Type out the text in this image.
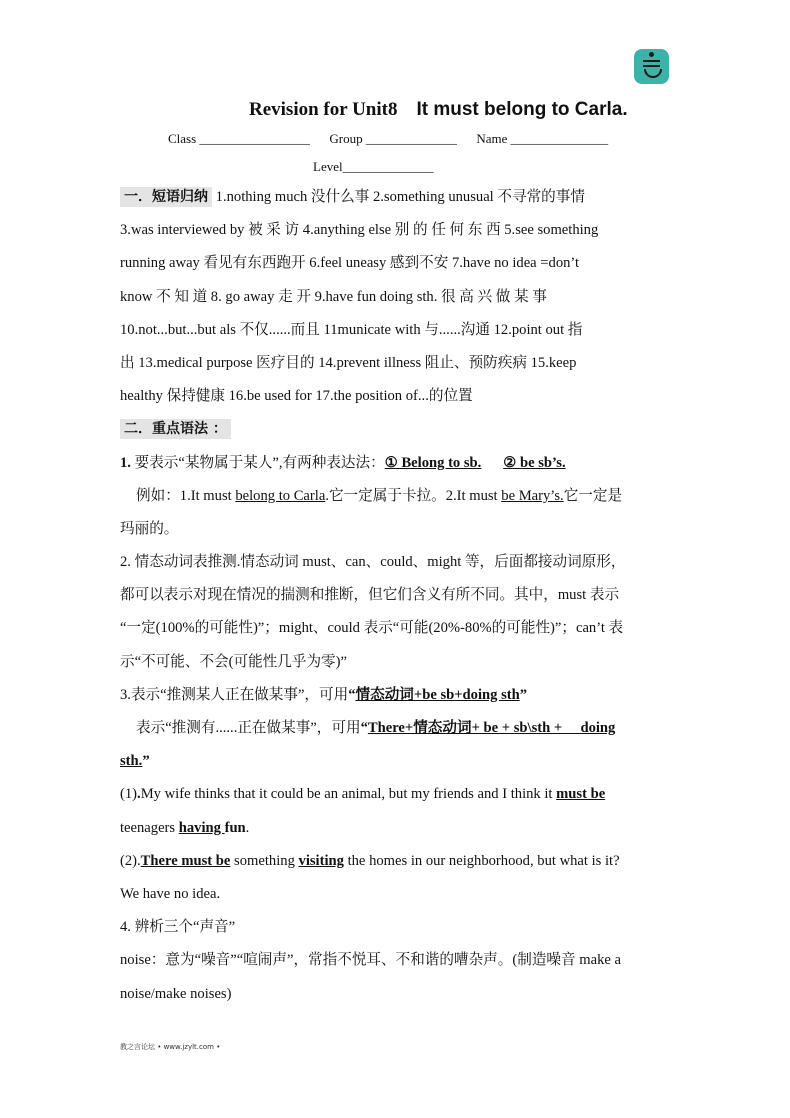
Revision for Unit8 It must belong to Carla.
Class _________________ Group ______________ Name _______________
Level______________
一．短语归纳 1.nothing much 没什么事 2.something unusual 不寻常的事情
3.was interviewed by 被 采 访 4.anything else 别 的 任 何 东 西 5.see something
running away 看见有东西跑开 6.feel uneasy 感到不安 7.have no idea =don’t
know 不 知 道 8. go away 走 开 9.have fun doing sth. 很 高 兴 做 某 事
10.not...but...but als 不仅......而且 11municate with 与......沟通 12.point out 指
出 13.medical purpose 医疗目的 14.prevent illness 阻止、预防疾病 15.keep
healthy 保持健康 16.be used for 17.the position of...的位置
二．重点语法 ：
1. 要表示“某物属于某人”,有两种表达法：① Belong to sb. ② be sb’s.
例如：1.It must belong to Carla.它一定属于卡拉。2.It must be Mary’s.它一定是
玛丽的。
2. 情态动词表推测.情态动词 must、can、could、might 等，后面都接动词原形，
都可以表示对现在情况的揣测和推断，但它们含义有所不同。其中，must 表示
“一定(100%的可能性)”；might、could 表示“可能(20%-80%的可能性)”；can’t 表
示“不可能、不会(可能性几乎为零)”
3.表示“推测某人正在做某事”，可用“情态动词+be sb+doing sth”
表示“推测有......正在做某事”，可用“There+情态动词+ be + sb\sth +     doing
sth.”
(1).My wife thinks that it could be an animal, but my friends and I think it must be
teenagers having fun.
(2).There must be something visiting the homes in our neighborhood, but what is it?
We have no idea.
4. 辨析三个“声音”
noise：意为“噪音”“喧闹声”，常指不悦耳、不和谐的嘈杂声。(制造噪音 make a
noise/make noises)
教之言论坛 • www.jzylt.com •
